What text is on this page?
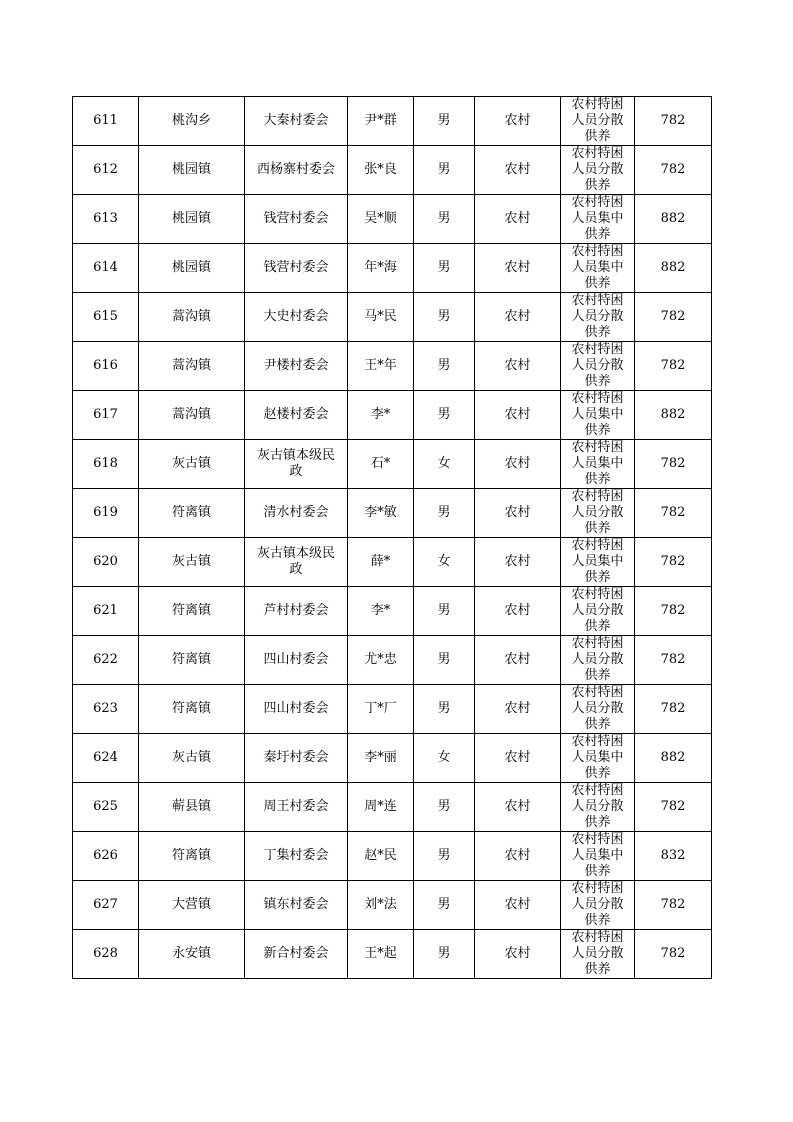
611	桃沟乡	大秦村委会	尹*群	男	农村	农村特困人员分散供养	782
612	桃园镇	西杨寨村委会	张*良	男	农村	农村特困人员分散供养	782
613	桃园镇	钱营村委会	吴*顺	男	农村	农村特困人员集中供养	882
614	桃园镇	钱营村委会	年*海	男	农村	农村特困人员集中供养	882
615	蒿沟镇	大史村委会	马*民	男	农村	农村特困人员分散供养	782
616	蒿沟镇	尹楼村委会	王*年	男	农村	农村特困人员分散供养	782
617	蒿沟镇	赵楼村委会	李*	男	农村	农村特困人员集中供养	882
618	灰古镇	灰古镇本级民政	石*	女	农村	农村特困人员集中供养	782
619	符离镇	清水村委会	李*敏	男	农村	农村特困人员分散供养	782
620	灰古镇	灰古镇本级民政	薛*	女	农村	农村特困人员集中供养	782
621	符离镇	芦村村委会	李*	男	农村	农村特困人员分散供养	782
622	符离镇	四山村委会	尤*忠	男	农村	农村特困人员分散供养	782
623	符离镇	四山村委会	丁*厂	男	农村	农村特困人员分散供养	782
624	灰古镇	秦圩村委会	李*丽	女	农村	农村特困人员集中供养	882
625	蕲县镇	周王村委会	周*连	男	农村	农村特困人员分散供养	782
626	符离镇	丁集村委会	赵*民	男	农村	农村特困人员集中供养	832
627	大营镇	镇东村委会	刘*法	男	农村	农村特困人员分散供养	782
628	永安镇	新合村委会	王*起	男	农村	农村特困人员分散供养	782
